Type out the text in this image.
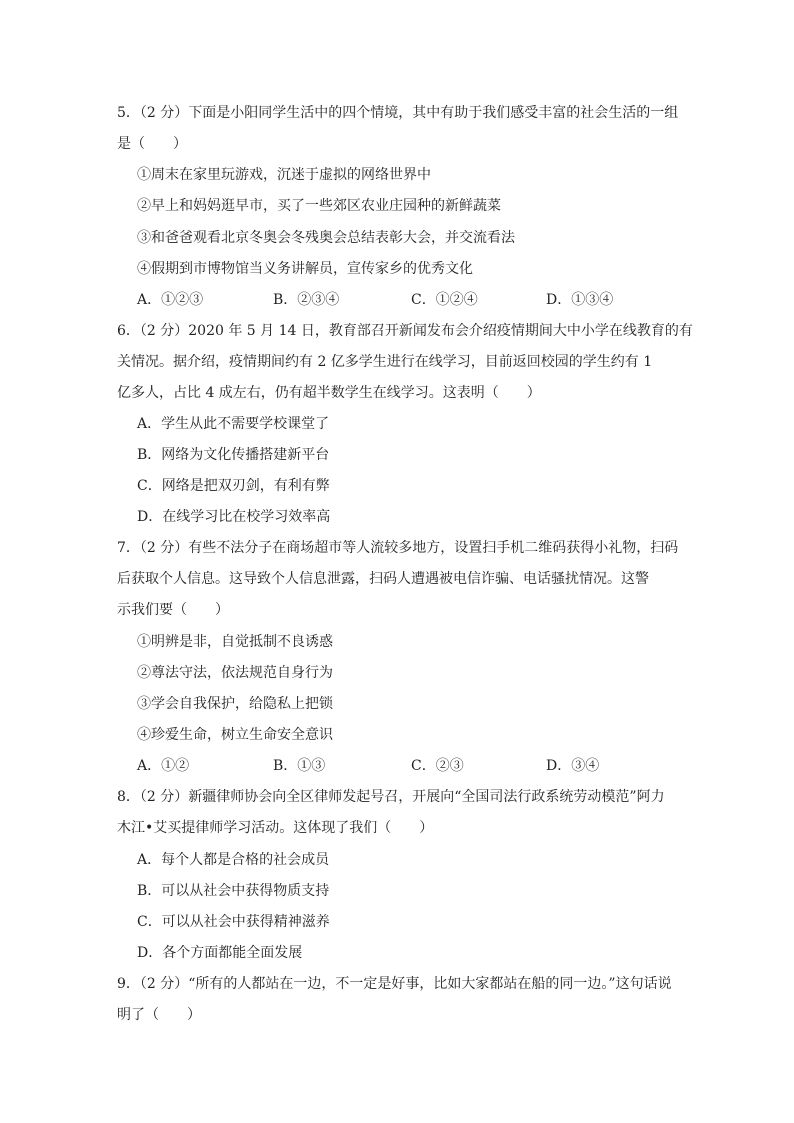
5．（2 分）下面是小阳同学生活中的四个情境，其中有助于我们感受丰富的社会生活的一组
是（　　）
①周末在家里玩游戏，沉迷于虚拟的网络世界中
②早上和妈妈逛早市，买了一些郊区农业庄园种的新鲜蔬菜
③和爸爸观看北京冬奥会冬残奥会总结表彰大会，并交流看法
④假期到市博物馆当义务讲解员，宣传家乡的优秀文化
A．①②③	B．②③④	C．①②④	D．①③④
6．（2 分）2020 年 5 月 14 日，教育部召开新闻发布会介绍疫情期间大中小学在线教育的有
关情况。据介绍，疫情期间约有 2 亿多学生进行在线学习，目前返回校园的学生约有 1
亿多人，占比 4 成左右，仍有超半数学生在线学习。这表明（　　）
A．学生从此不需要学校课堂了
B．网络为文化传播搭建新平台
C．网络是把双刃剑，有利有弊
D．在线学习比在校学习效率高
7．（2 分）有些不法分子在商场超市等人流较多地方，设置扫手机二维码获得小礼物，扫码
后获取个人信息。这导致个人信息泄露，扫码人遭遇被电信诈骗、电话骚扰情况。这警
示我们要（　　）
①明辨是非，自觉抵制不良诱惑
②尊法守法，依法规范自身行为
③学会自我保护，给隐私上把锁
④珍爱生命，树立生命安全意识
A．①②	B．①③	C．②③	D．③④
8．（2 分）新疆律师协会向全区律师发起号召，开展向“全国司法行政系统劳动模范”阿力
木江•艾买提律师学习活动。这体现了我们（　　）
A．每个人都是合格的社会成员
B．可以从社会中获得物质支持
C．可以从社会中获得精神滋养
D．各个方面都能全面发展
9．（2 分）“所有的人都站在一边，不一定是好事，比如大家都站在船的同一边。”这句话说
明了（　　）
